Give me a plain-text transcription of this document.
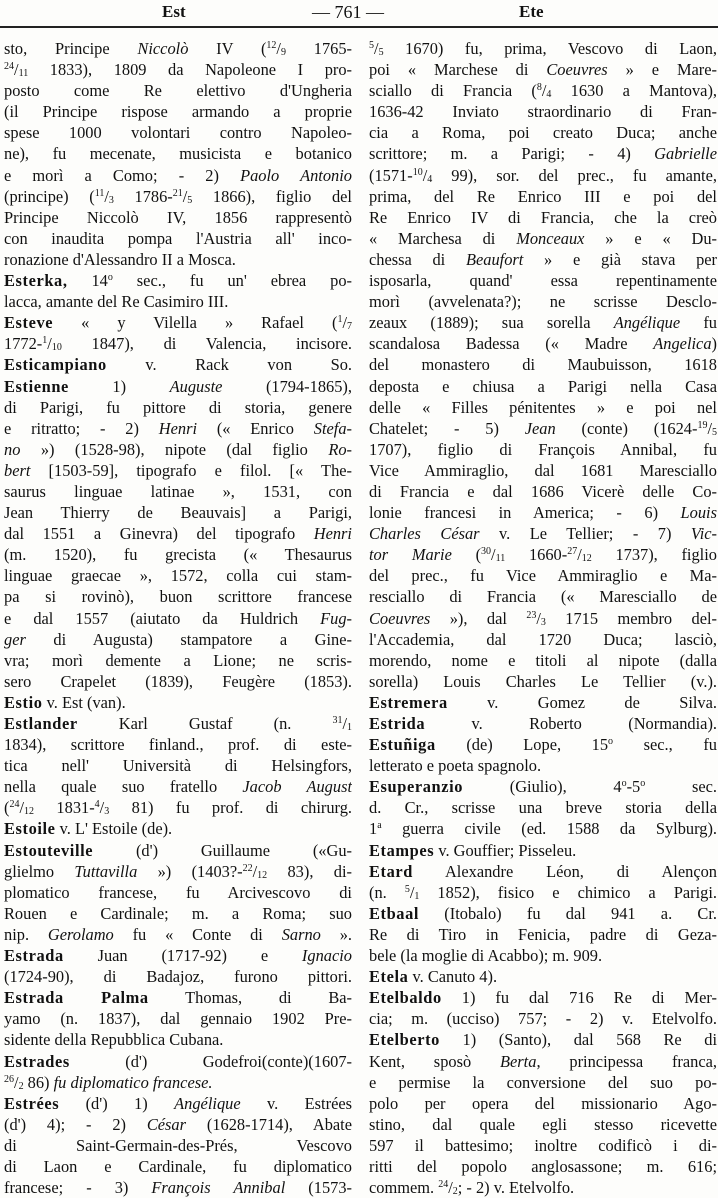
Est	— 761 —	Ete
sto, Principe Niccolò IV ($^{12}/_9$ 1765-
$^{24}/_{11}$ 1833), 1809 da Napoleone I pro-
posto come Re elettivo d'Ungheria
(il Principe rispose armando a proprie
spese 1000 volontari contro Napoleo-
ne), fu mecenate, musicista e botanico
e morì a Como; - 2) Paolo Antonio
(principe) ($^{11}/_3$ $1786-^{21}/_5$ 1866), figlio del
Principe Niccolò IV, 1856 rappresentò
con inaudita pompa l'Austria all' inco-
ronazione d'Alessandro II a Mosca.
Esterka, 14$^o$ sec., fu un' ebrea po-
lacca, amante del Re Casimiro III.
Esteve « y Vilella » Rafael ($^1/_7$
$1772-^1/_{10}$ 1847), di Valencia, incisore.
Esticampiano v. Rack von So.
Estienne 1) Auguste (1794-1865),
di Parigi, fu pittore di storia, genere
e ritratto; - 2) Henri (« Enrico Stefa-
no ») (1528-98), nipote (dal figlio Ro-
bert [1503-59], tipografo e filol. [« The-
saurus linguae latinae », 1531, con
Jean Thierry de Beauvais] a Parigi,
dal 1551 a Ginevra) del tipografo Henri
(m. 1520), fu grecista (« Thesaurus
linguae graecae », 1572, colla cui stam-
pa si rovinò), buon scrittore francese
e dal 1557 (aiutato da Huldrich Fug-
ger di Augusta) stampatore a Gine-
vra; morì demente a Lione; ne scris-
sero Crapelet (1839), Feugère (1853).
Estio v. Est (van).
Estlander Karl Gustaf (n. $^{31}/_1$
1834), scrittore finland., prof. di este-
tica nell' Università di Helsingfors,
nella quale suo fratello Jacob August
($^{24}/_{12}$ $1831-^4/_3$ 81) fu prof. di chirurg.
Estoile v. L' Estoile (de).
Estouteville (d') Guillaume («Gu-
glielmo Tuttavilla ») ($1403?-^{22}/_{12}$ 83), di-
plomatico francese, fu Arcivescovo di
Rouen e Cardinale; m. a Roma; suo
nip. Gerolamo fu « Conte di Sarno ».
Estrada Juan (1717-92) e Ignacio
(1724-90), di Badajoz, furono pittori.
Estrada Palma Thomas, di Ba-
yamo (n. 1837), dal gennaio 1902 Pre-
sidente della Repubblica Cubana.
Estrades (d') Godefroi(conte)(1607-
$^{26}/_2$ 86) fu diplomatico francese.
Estrées (d') 1) Angélique v. Estrées
(d') 4); - 2) César (1628-1714), Abate
di Saint-Germain-des-Prés, Vescovo
di Laon e Cardinale, fu diplomatico
francese; - 3) François Annibal (1573-
$^5/_5$ 1670) fu, prima, Vescovo di Laon,
poi « Marchese di Coeuvres » e Mare-
sciallo di Francia ($^8/_4$ 1630 a Mantova),
1636-42 Inviato straordinario di Fran-
cia a Roma, poi creato Duca; anche
scrittore; m. a Parigi; - 4) Gabrielle
($1571-^{10}/_4$ 99), sor. del prec., fu amante,
prima, del Re Enrico III e poi del
Re Enrico IV di Francia, che la creò
« Marchesa di Monceaux » e « Du-
chessa di Beaufort » e già stava per
isposarla, quand' essa repentinamente
morì (avvelenata?); ne scrisse Desclo-
zeaux (1889); sua sorella Angélique fu
scandalosa Badessa (« Madre Angelica)
del monastero di Maubuisson, 1618
deposta e chiusa a Parigi nella Casa
delle « Filles pénitentes » e poi nel
Chatelet; - 5) Jean (conte) ($1624-^{19}/_5$
1707), figlio di François Annibal, fu
Vice Ammiraglio, dal 1681 Maresciallo
di Francia e dal 1686 Vicerè delle Co-
lonie francesi in America; - 6) Louis
Charles César v. Le Tellier; - 7) Vic-
tor Marie ($^{30}/_{11}$ $1660-^{27}/_{12}$ 1737), figlio
del prec., fu Vice Ammiraglio e Ma-
resciallo di Francia (« Maresciallo de
Coeuvres »), dal $^{23}/_3$ 1715 membro del-
l'Accademia, dal 1720 Duca; lasciò,
morendo, nome e titoli al nipote (dalla
sorella) Louis Charles Le Tellier (v.).
Estremera v. Gomez de Silva.
Estrida v. Roberto (Normandia).
Estuñiga (de) Lope, 15$^o$ sec., fu
letterato e poeta spagnolo.
Esuperanzio (Giulio), 4$^o$-5$^o$ sec.
d. Cr., scrisse una breve storia della
1$^a$ guerra civile (ed. 1588 da Sylburg).
Etampes v. Gouffier; Pisseleu.
Etard Alexandre Léon, di Alençon
(n. $^5/_1$ 1852), fisico e chimico a Parigi.
Etbaal (Itobalo) fu dal 941 a. Cr.
Re di Tiro in Fenicia, padre di Geza-
bele (la moglie di Acabbo); m. 909.
Etela v. Canuto 4).
Etelbaldo 1) fu dal 716 Re di Mer-
cia; m. (ucciso) 757; - 2) v. Etelvolfo.
Etelberto 1) (Santo), dal 568 Re di
Kent, sposò Berta, principessa franca,
e permise la conversione del suo po-
polo per opera del missionario Ago-
stino, dal quale egli stesso ricevette
597 il battesimo; inoltre codificò i di-
ritti del popolo anglosassone; m. 616;
commem. $^{24}/_2$; - 2) v. Etelvolfo.
